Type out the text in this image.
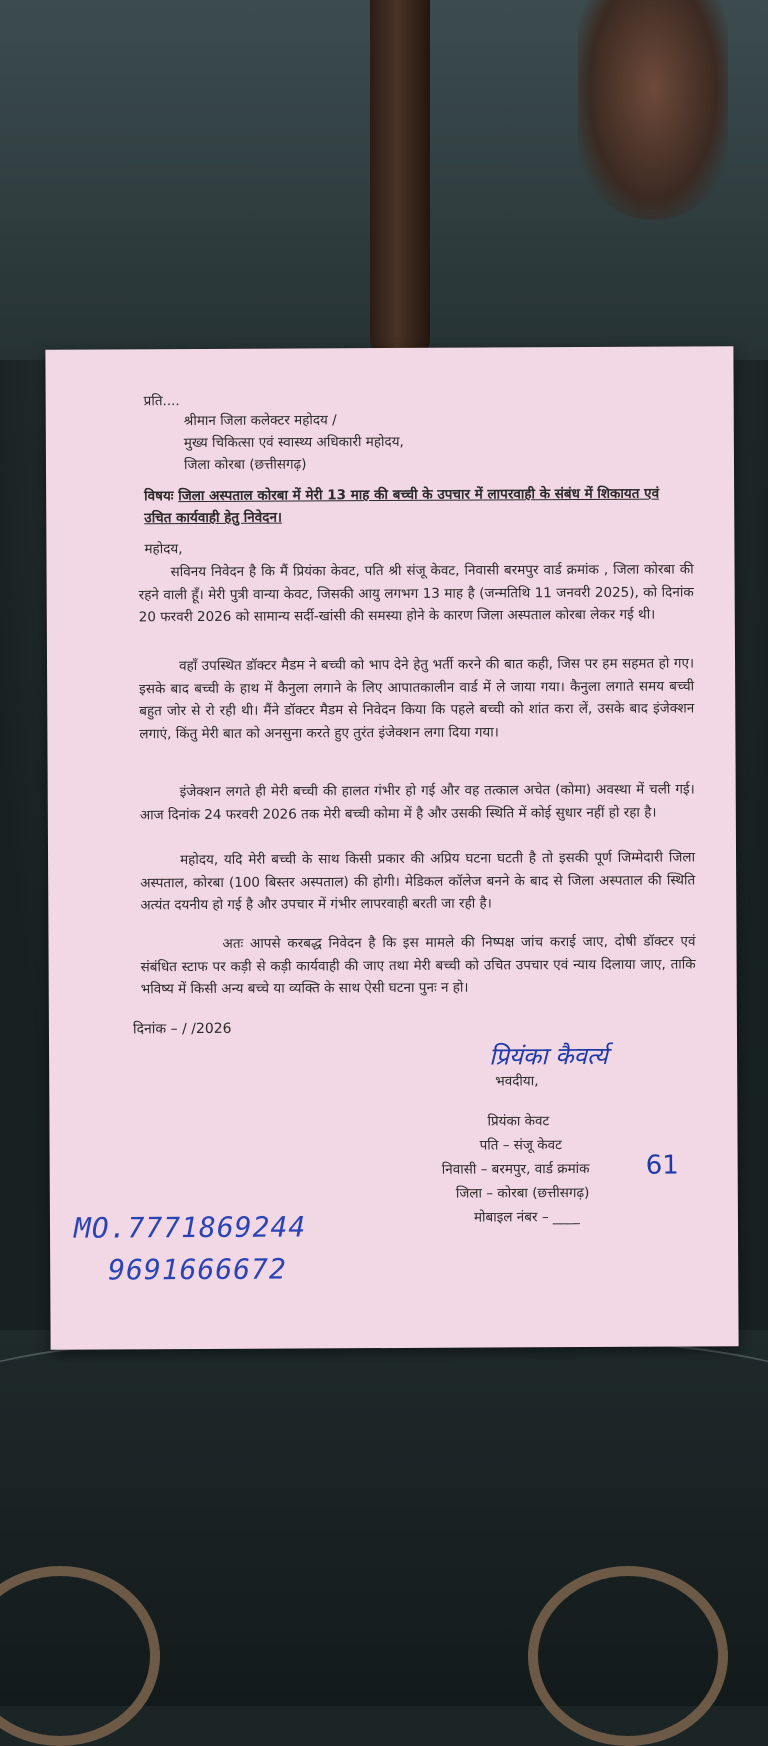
प्रति....
श्रीमान जिला कलेक्टर महोदय /
मुख्य चिकित्सा एवं स्वास्थ्य अधिकारी महोदय,
जिला कोरबा (छत्तीसगढ़)
विषयः जिला अस्पताल कोरबा में मेरी 13 माह की बच्ची के उपचार में लापरवाही के संबंध में शिकायत एवं उचित कार्यवाही हेतु निवेदन।
महोदय,
सविनय निवेदन है कि मैं प्रियंका केवट, पति श्री संजू केवट, निवासी बरमपुर वार्ड क्रमांक , जिला कोरबा की रहने वाली हूँ। मेरी पुत्री वान्या केवट, जिसकी आयु लगभग 13 माह है (जन्मतिथि 11 जनवरी 2025), को दिनांक 20 फरवरी 2026 को सामान्य सर्दी-खांसी की समस्या होने के कारण जिला अस्पताल कोरबा लेकर गई थी।
वहाँ उपस्थित डॉक्टर मैडम ने बच्ची को भाप देने हेतु भर्ती करने की बात कही, जिस पर हम सहमत हो गए। इसके बाद बच्ची के हाथ में कैनुला लगाने के लिए आपातकालीन वार्ड में ले जाया गया। कैनुला लगाते समय बच्ची बहुत जोर से रो रही थी। मैंने डॉक्टर मैडम से निवेदन किया कि पहले बच्ची को शांत करा लें, उसके बाद इंजेक्शन लगाएं, किंतु मेरी बात को अनसुना करते हुए तुरंत इंजेक्शन लगा दिया गया।
इंजेक्शन लगते ही मेरी बच्ची की हालत गंभीर हो गई और वह तत्काल अचेत (कोमा) अवस्था में चली गई। आज दिनांक 24 फरवरी 2026 तक मेरी बच्ची कोमा में है और उसकी स्थिति में कोई सुधार नहीं हो रहा है।
महोदय, यदि मेरी बच्ची के साथ किसी प्रकार की अप्रिय घटना घटती है तो इसकी पूर्ण जिम्मेदारी जिला अस्पताल, कोरबा (100 बिस्तर अस्पताल) की होगी। मेडिकल कॉलेज बनने के बाद से जिला अस्पताल की स्थिति अत्यंत दयनीय हो गई है और उपचार में गंभीर लापरवाही बरती जा रही है।
अतः आपसे करबद्ध निवेदन है कि इस मामले की निष्पक्ष जांच कराई जाए, दोषी डॉक्टर एवं संबंधित स्टाफ पर कड़ी से कड़ी कार्यवाही की जाए तथा मेरी बच्ची को उचित उपचार एवं न्याय दिलाया जाए, ताकि भविष्य में किसी अन्य बच्चे या व्यक्ति के साथ ऐसी घटना पुनः न हो।
दिनांक – / /2026
प्रियंका कैवर्त्य
भवदीया,
प्रियंका केवट
पति – संजू केवट
निवासी – बरमपुर, वार्ड क्रमांक 61
जिला – कोरबा (छत्तीसगढ़)
मोबाइल नंबर – ____
MO.7771869244
9691666672
